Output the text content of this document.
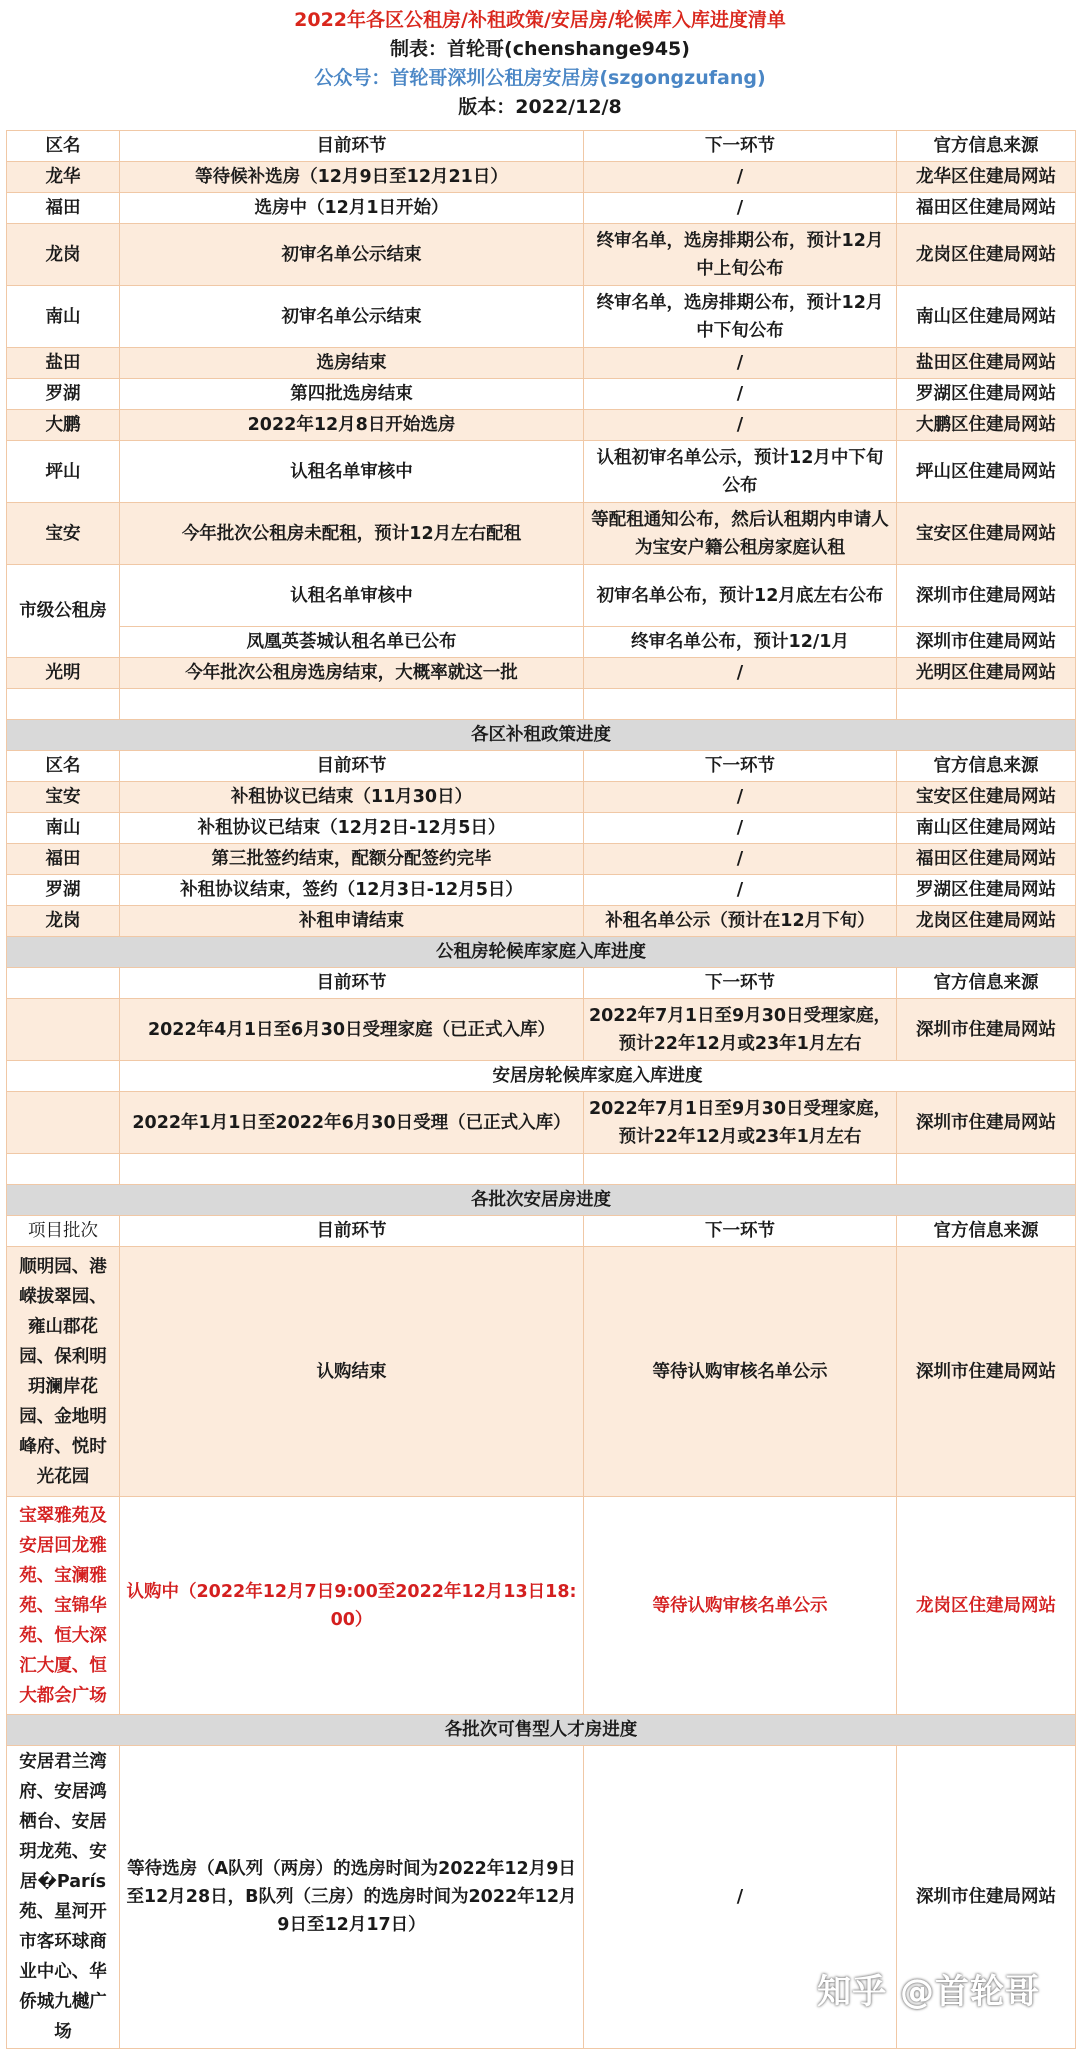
2022年各区公租房/补租政策/安居房/轮候库入库进度清单
制表：首轮哥(chenshange945)
公众号：首轮哥深圳公租房安居房(szgongzufang)
版本：2022/12/8
区名	目前环节	下一环节	官方信息来源
龙华	等待候补选房（12月9日至12月21日）	/	龙华区住建局网站
福田	选房中（12月1日开始）	/	福田区住建局网站
龙岗	初审名单公示结束	终审名单，选房排期公布，预计12月中上旬公布	龙岗区住建局网站
南山	初审名单公示结束	终审名单，选房排期公布，预计12月中下旬公布	南山区住建局网站
盐田	选房结束	/	盐田区住建局网站
罗湖	第四批选房结束	/	罗湖区住建局网站
大鹏	2022年12月8日开始选房	/	大鹏区住建局网站
坪山	认租名单审核中	认租初审名单公示，预计12月中下旬公布	坪山区住建局网站
宝安	今年批次公租房未配租，预计12月左右配租	等配租通知公布，然后认租期内申请人为宝安户籍公租房家庭认租	宝安区住建局网站
市级公租房	认租名单审核中	初审名单公布，预计12月底左右公布	深圳市住建局网站
	凤凰英荟城认租名单已公布	终审名单公布，预计12/1月	深圳市住建局网站
光明	今年批次公租房选房结束，大概率就这一批	/	光明区住建局网站

各区补租政策进度			
区名	目前环节	下一环节	官方信息来源
宝安	补租协议已结束（11月30日）	/	宝安区住建局网站
南山	补租协议已结束（12月2日-12月5日）	/	南山区住建局网站
福田	第三批签约结束，配额分配签约完毕	/	福田区住建局网站
罗湖	补租协议结束，签约（12月3日-12月5日）	/	罗湖区住建局网站
龙岗	补租申请结束	补租名单公示（预计在12月下旬）	龙岗区住建局网站
公租房轮候库家庭入库进度			
	目前环节	下一环节	官方信息来源
	2022年4月1日至6月30日受理家庭（已正式入库）	2022年7月1日至9月30日受理家庭，预计22年12月或23年1月左右	深圳市住建局网站
	安居房轮候库家庭入库进度		
	2022年1月1日至2022年6月30日受理（已正式入库）	2022年7月1日至9月30日受理家庭，预计22年12月或23年1月左右	深圳市住建局网站

各批次安居房进度			
项目批次	目前环节	下一环节	官方信息来源
顺明园、港嵘拔翠园、雍山郡花园、保利明玥澜岸花园、金地明峰府、悦时光花园	认购结束	等待认购审核名单公示	深圳市住建局网站
宝翠雅苑及安居回龙雅苑、宝澜雅苑、宝锦华苑、恒大深汇大厦、恒大都会广场	认购中（2022年12月7日9:00至2022年12月13日18:00）	等待认购审核名单公示	龙岗区住建局网站
各批次可售型人才房进度			
安居君兰湾府、安居鸿栖台、安居玥龙苑、安居�París苑、星河开市客环球商业中心、华侨城九樾广场	等待选房（A队列（两房）的选房时间为2022年12月9日至12月28日，B队列（三房）的选房时间为2022年12月9日至12月17日）	/	深圳市住建局网站
知乎 @首轮哥
